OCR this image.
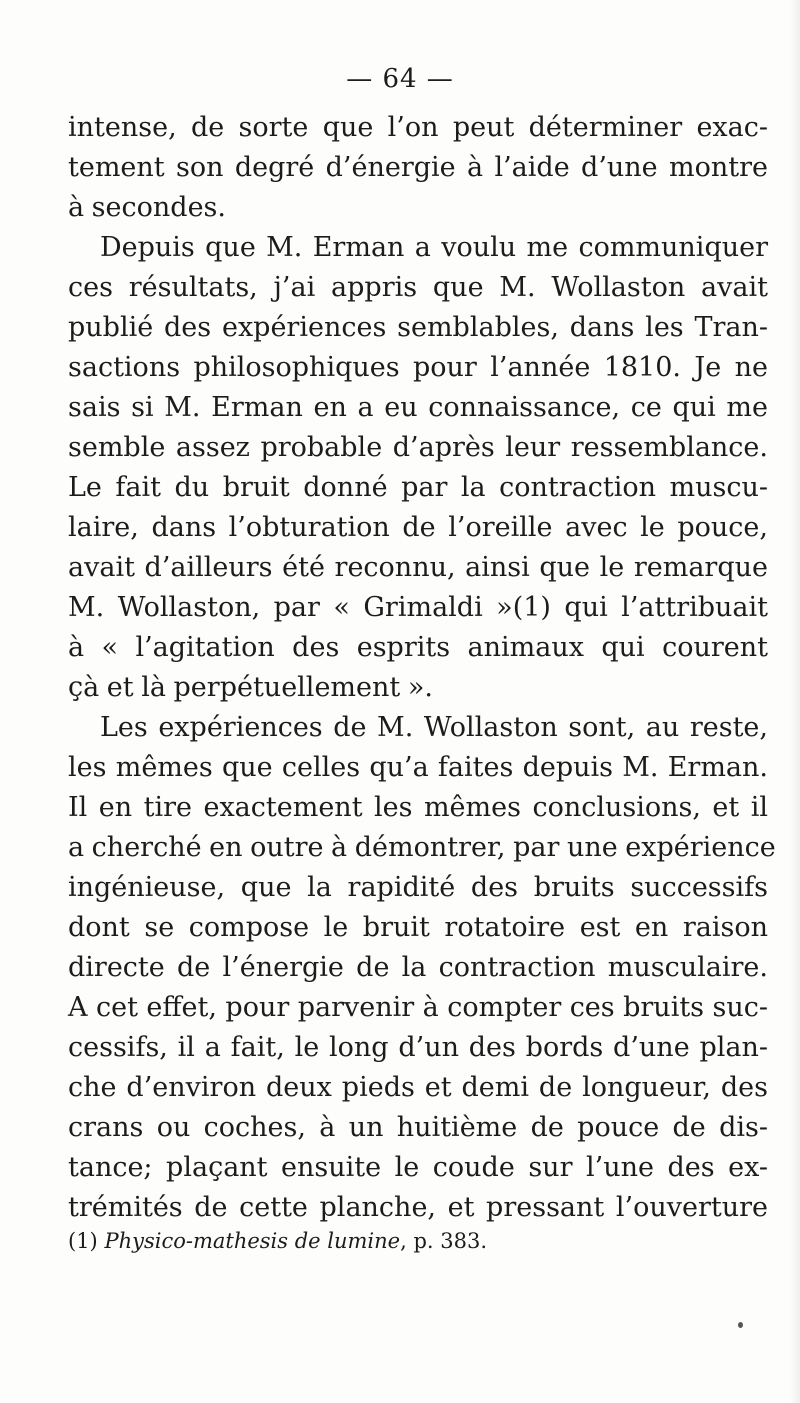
— 64 —
intense, de sorte que l’on peut déterminer exac-
tement son degré d’énergie à l’aide d’une montre
à secondes.
Depuis que M. Erman a voulu me communiquer
ces résultats, j’ai appris que M. Wollaston avait
publié des expériences semblables, dans les Tran-
sactions philosophiques pour l’année 1810. Je ne
sais si M. Erman en a eu connaissance, ce qui me
semble assez probable d’après leur ressemblance.
Le fait du bruit donné par la contraction muscu-
laire, dans l’obturation de l’oreille avec le pouce,
avait d’ailleurs été reconnu, ainsi que le remarque
M. Wollaston, par « Grimaldi »(1) qui l’attribuait
à « l’agitation des esprits animaux qui courent
çà et là perpétuellement ».
Les expériences de M. Wollaston sont, au reste,
les mêmes que celles qu’a faites depuis M. Erman.
Il en tire exactement les mêmes conclusions, et il
a cherché en outre à démontrer, par une expérience
ingénieuse, que la rapidité des bruits successifs
dont se compose le bruit rotatoire est en raison
directe de l’énergie de la contraction musculaire.
A cet effet, pour parvenir à compter ces bruits suc-
cessifs, il a fait, le long d’un des bords d’une plan-
che d’environ deux pieds et demi de longueur, des
crans ou coches, à un huitième de pouce de dis-
tance; plaçant ensuite le coude sur l’une des ex-
trémités de cette planche, et pressant l’ouverture
(1) Physico-mathesis de lumine, p. 383.
